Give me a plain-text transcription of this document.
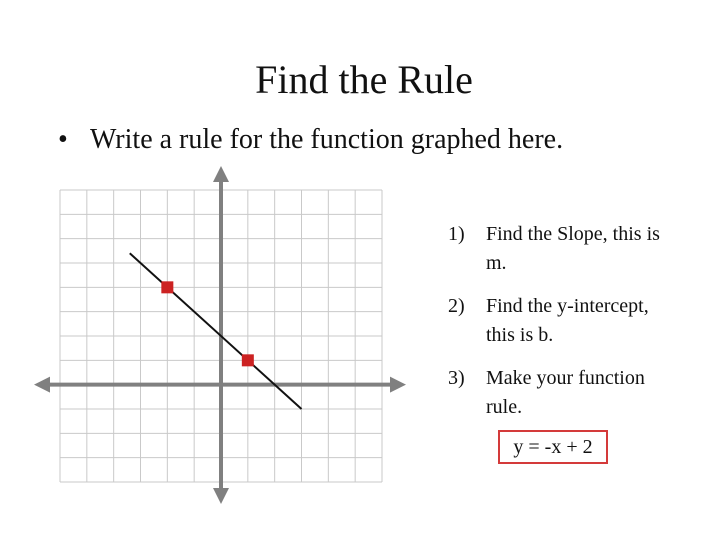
Find the Rule
• Write a rule for the function graphed here.
1)	Find the Slope, this is m.
2)	Find the y-intercept, this is b.
3)	Make your function rule.
y = -x + 2
